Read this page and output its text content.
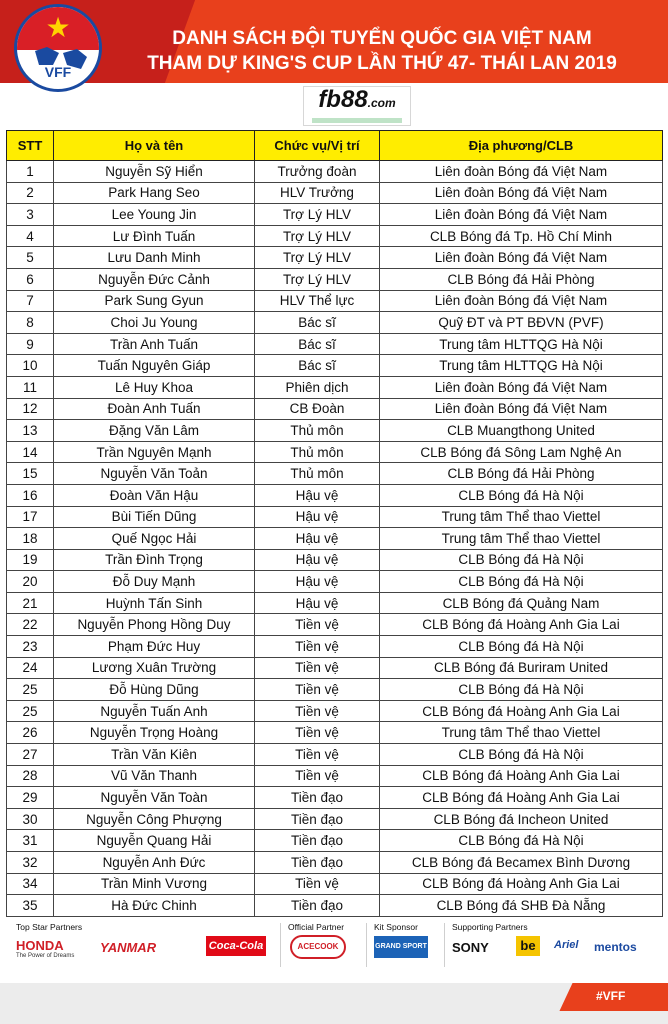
DANH SÁCH ĐỘI TUYỂN QUỐC GIA VIỆT NAM
THAM DỰ KING'S CUP LẦN THỨ 47- THÁI LAN 2019
★
VFF
fb88.com
STT	Họ và tên	Chức vụ/Vị trí	Địa phương/CLB
1	Nguyễn Sỹ Hiển	Trưởng đoàn	Liên đoàn Bóng đá Việt Nam
2	Park Hang Seo	HLV Trưởng	Liên đoàn Bóng đá Việt Nam
3	Lee Young Jin	Trợ Lý HLV	Liên đoàn Bóng đá Việt Nam
4	Lư Đình Tuấn	Trợ Lý HLV	CLB Bóng đá Tp. Hồ Chí Minh
5	Lưu Danh Minh	Trợ Lý HLV	Liên đoàn Bóng đá Việt Nam
6	Nguyễn Đức Cảnh	Trợ Lý HLV	CLB Bóng đá Hải Phòng
7	Park Sung Gyun	HLV Thể lực	Liên đoàn Bóng đá Việt Nam
8	Choi Ju Young	Bác sĩ	Quỹ ĐT và PT BĐVN (PVF)
9	Trần Anh Tuấn	Bác sĩ	Trung tâm HLTTQG Hà Nội
10	Tuấn Nguyên Giáp	Bác sĩ	Trung tâm HLTTQG Hà Nội
11	Lê Huy Khoa	Phiên dịch	Liên đoàn Bóng đá Việt Nam
12	Đoàn Anh Tuấn	CB Đoàn	Liên đoàn Bóng đá Việt Nam
13	Đặng Văn Lâm	Thủ môn	CLB Muangthong United
14	Trần Nguyên Mạnh	Thủ môn	CLB Bóng đá Sông Lam Nghệ An
15	Nguyễn Văn Toản	Thủ môn	CLB Bóng đá Hải Phòng
16	Đoàn Văn Hậu	Hậu vệ	CLB Bóng đá Hà Nội
17	Bùi Tiến Dũng	Hậu vệ	Trung tâm Thể thao Viettel
18	Quế Ngọc Hải	Hậu vệ	Trung tâm Thể thao Viettel
19	Trần Đình Trọng	Hậu vệ	CLB Bóng đá Hà Nội
20	Đỗ Duy Mạnh	Hậu vệ	CLB Bóng đá Hà Nội
21	Huỳnh Tấn Sinh	Hậu vệ	CLB Bóng đá Quảng Nam
22	Nguyễn Phong Hồng Duy	Tiền vệ	CLB Bóng đá Hoàng Anh Gia Lai
23	Phạm Đức Huy	Tiền vệ	CLB Bóng đá Hà Nội
24	Lương Xuân Trường	Tiền vệ	CLB Bóng đá Buriram United
25	Đỗ Hùng Dũng	Tiền vệ	CLB Bóng đá Hà Nội
25	Nguyễn Tuấn Anh	Tiền vệ	CLB Bóng đá Hoàng Anh Gia Lai
26	Nguyễn Trọng Hoàng	Tiền vệ	Trung tâm Thể thao Viettel
27	Trần Văn Kiên	Tiền vệ	CLB Bóng đá Hà Nội
28	Vũ Văn Thanh	Tiền vệ	CLB Bóng đá Hoàng Anh Gia Lai
29	Nguyễn Văn Toàn	Tiền đạo	CLB Bóng đá Hoàng Anh Gia Lai
30	Nguyễn Công Phượng	Tiền đạo	CLB Bóng đá Incheon United
31	Nguyễn Quang Hải	Tiền đạo	CLB Bóng đá Hà Nội
32	Nguyễn Anh Đức	Tiền đạo	CLB Bóng đá Becamex Bình Dương
34	Trần Minh Vương	Tiền vệ	CLB Bóng đá Hoàng Anh Gia Lai
35	Hà Đức Chinh	Tiền đạo	CLB Bóng đá SHB Đà Nẵng
Top Star Partners	Official Partner	Kit Sponsor	Supporting Partners
HONDA
The Power of Dreams
YANMAR	Coca-Cola	ACECOOK	GRAND SPORT SONY	be	Ariel mentos
#VFF
